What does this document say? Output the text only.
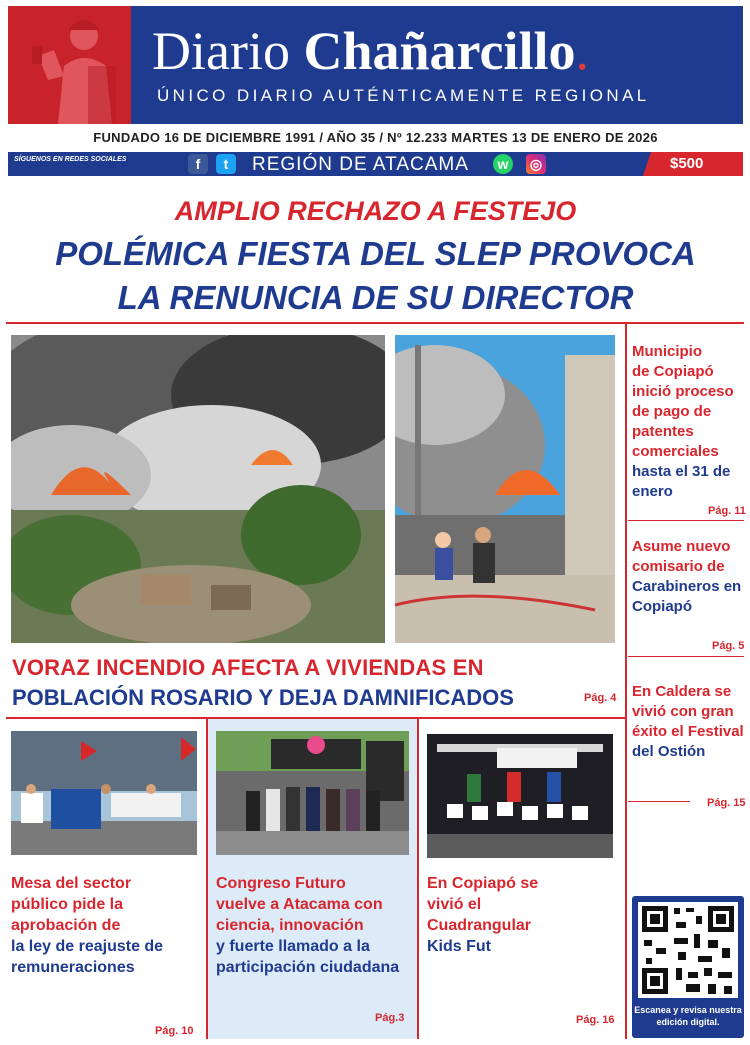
Diario Chañarcillo.
ÚNICO DIARIO AUTÉNTICAMENTE REGIONAL
FUNDADO 16 DE DICIEMBRE 1991 / AÑO 35 / Nº 12.233 MARTES 13 DE ENERO DE 2026
SÍGUENOS EN REDES SOCIALES	f	t	REGIÓN DE ATACAMA	w	◎	$500
AMPLIO RECHAZO A FESTEJO
POLÉMICA FIESTA DEL SLEP PROVOCA
LA RENUNCIA DE SU DIRECTOR
VORAZ INCENDIO AFECTA A VIVIENDAS EN
POBLACIÓN ROSARIO Y DEJA DAMNIFICADOS	Pág. 4
Municipio
de Copiapó
inició proceso
de pago de
patentes
comerciales
hasta el 31 de
enero
Pág. 11
Asume nuevo
comisario de
Carabineros en
Copiapó
Pág. 5
En Caldera se
vivió con gran
éxito el Festival
del Ostión
Pág. 15
Mesa del sector
público pide la
aprobación de
la ley de reajuste de
remuneraciones
Pág. 10
Congreso Futuro
vuelve a Atacama con
ciencia, innovación
y fuerte llamado a la
participación ciudadana
Pág.3
En Copiapó se
vivió el
Cuadrangular
Kids Fut
Pág. 16
Escanea y revisa nuestra
edición digital.
